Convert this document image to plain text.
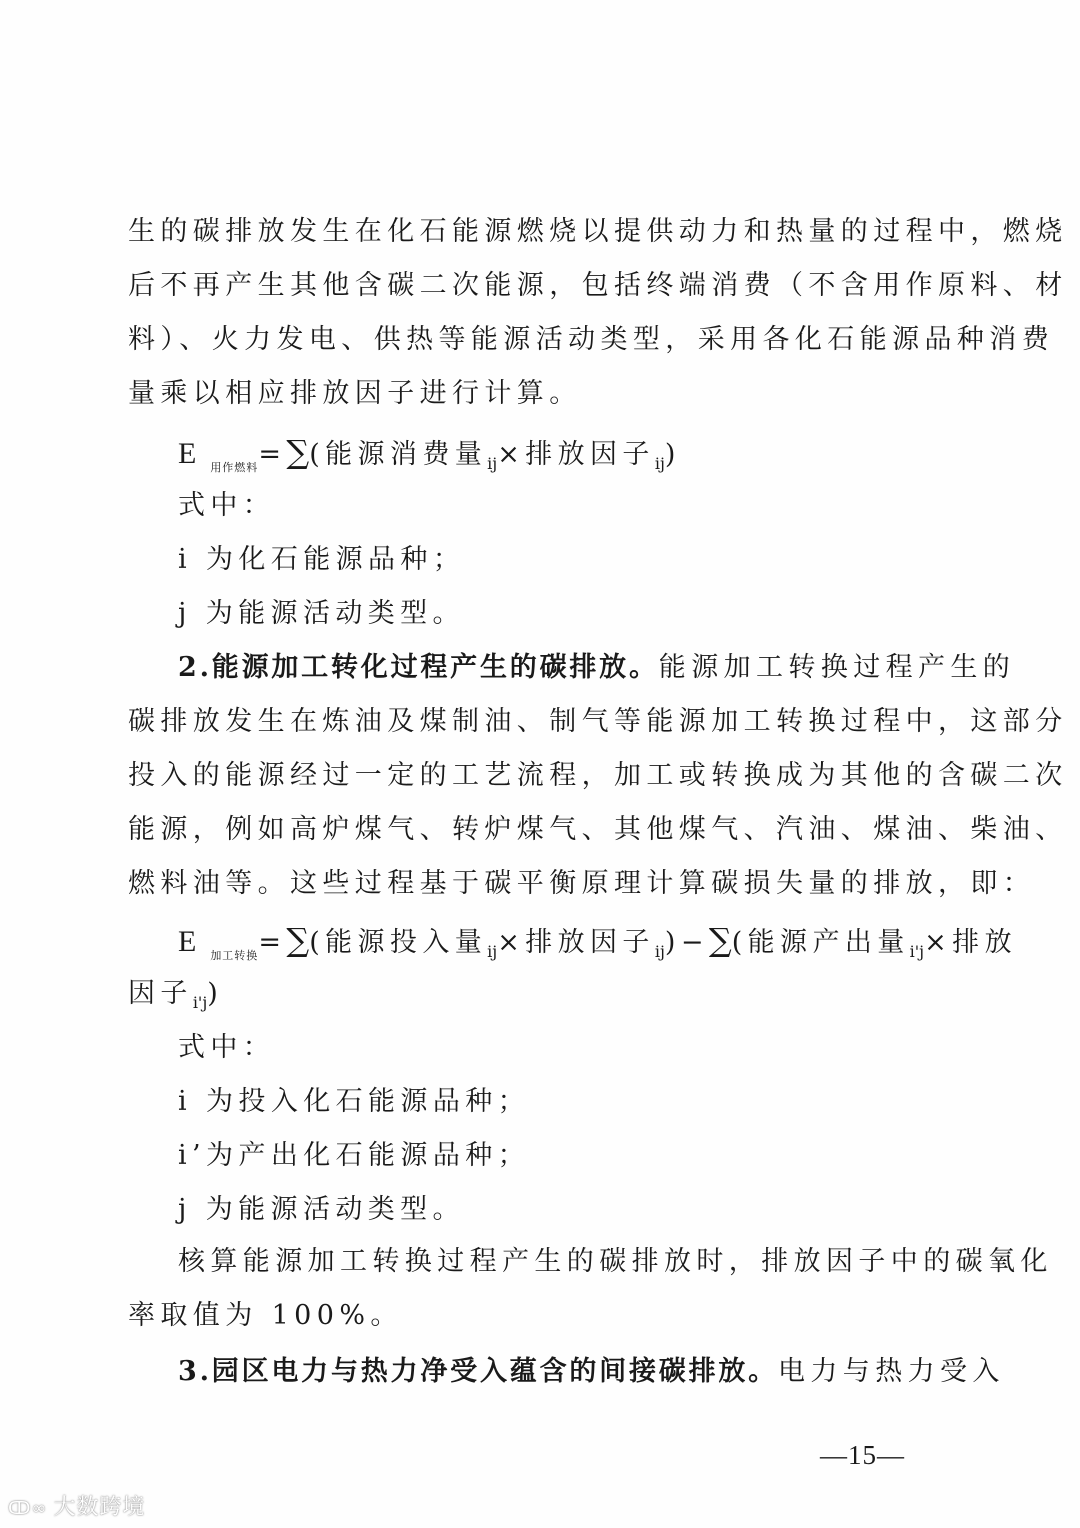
生的碳排放发生在化石能源燃烧以提供动力和热量的过程中，燃烧
后不再产生其他含碳二次能源，包括终端消费（不含用作原料、材
料）、火力发电、供热等能源活动类型，采用各化石能源品种消费
量乘以相应排放因子进行计算。
E $_{用作燃料}$=∑(能源消费量$_{ij}$×排放因子$_{ij}$)
式中：
i 为化石能源品种；
j 为能源活动类型。
2.能源加工转化过程产生的碳排放。能源加工转换过程产生的
碳排放发生在炼油及煤制油、制气等能源加工转换过程中，这部分
投入的能源经过一定的工艺流程，加工或转换成为其他的含碳二次
能源，例如高炉煤气、转炉煤气、其他煤气、汽油、煤油、柴油、
燃料油等。这些过程基于碳平衡原理计算碳损失量的排放，即：
E $_{加工转换}$=∑(能源投入量$_{ij}$×排放因子$_{ij}$)−∑(能源产出量$_{i'j}$×排放
因子$_{i'j}$)
式中：
i 为投入化石能源品种；
i’为产出化石能源品种；
j 为能源活动类型。
核算能源加工转换过程产生的碳排放时，排放因子中的碳氧化
率取值为 100%。
3.园区电力与热力净受入蕴含的间接碳排放。电力与热力受入
—15—
ↀ∞ 大数跨境
